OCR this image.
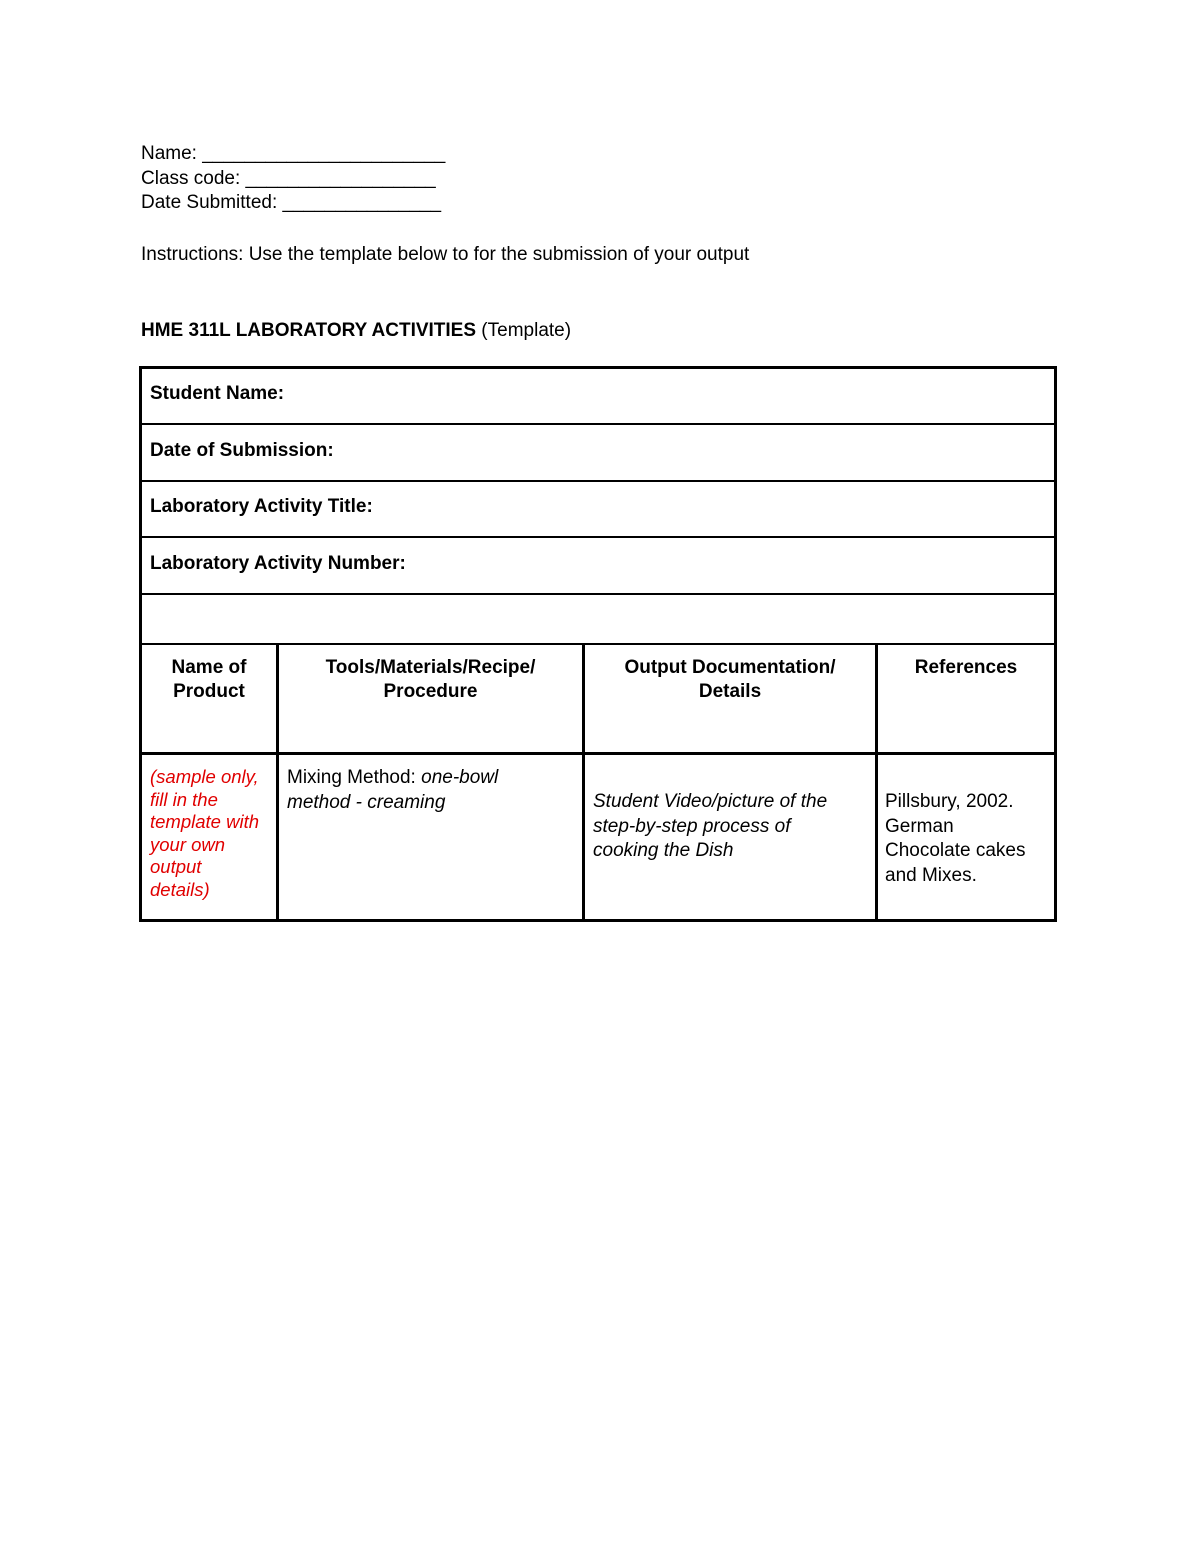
Name: _______________________
Class code: __________________
Date Submitted: _______________
Instructions: Use the template below to for the submission of your output
HME 311L LABORATORY ACTIVITIES (Template)
Student Name:
Date of Submission:
Laboratory Activity Title:
Laboratory Activity Number:
Name of
Product
Tools/Materials/Recipe/
Procedure
Output Documentation/
Details
References
(sample only,
fill in the
template with
your own
output
details)
Mixing Method: one-bowl
method - creaming	Student Video/picture of the
step-by-step process of
cooking the Dish
Pillsbury, 2002.
German
Chocolate cakes
and Mixes.
